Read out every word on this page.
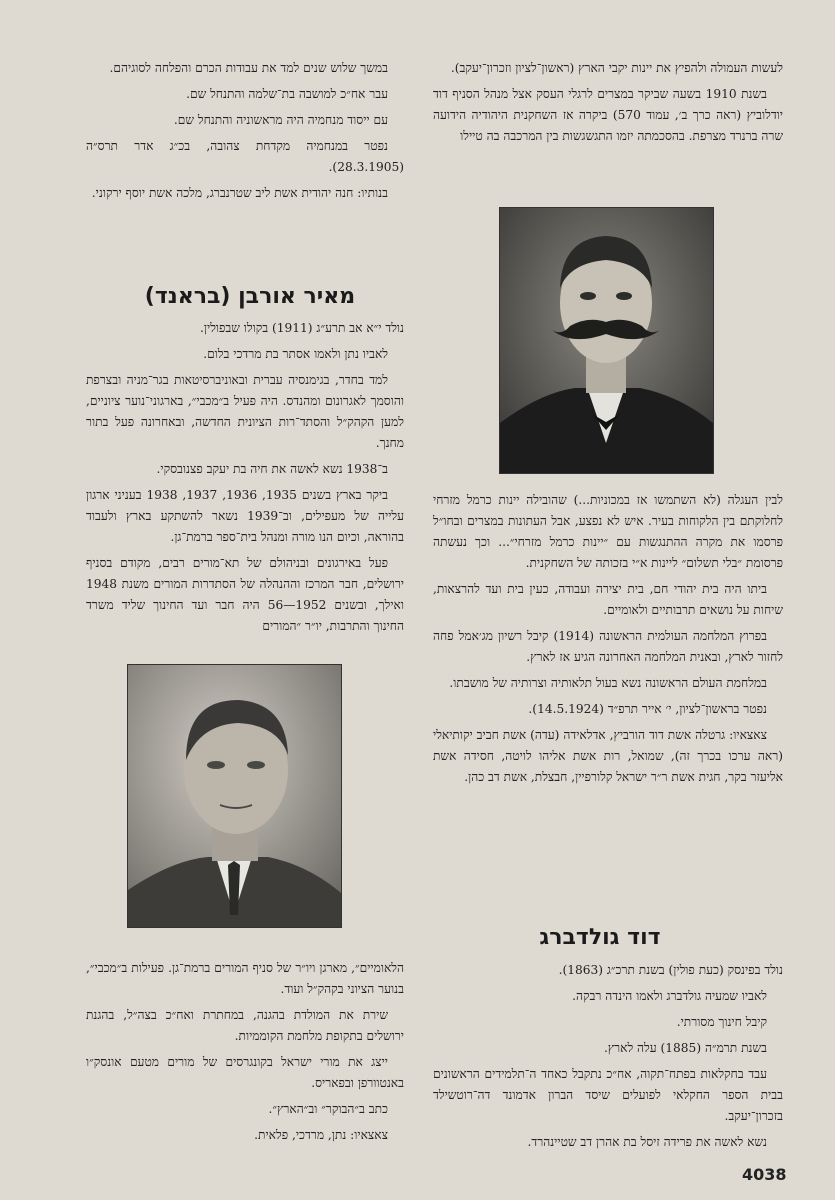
לעשות העמולה ולהפיץ את יינות יקבי הארץ (ראשון־לציון וזכרון־יעקב).

בשנת 1910 בשעה שביקר במצרים לרגלי העסק אצל מנהל הסניף דוד יודלוביץ (ראה כרך ב׳, עמוד 570) ביקרה אז השחקנית היהודיה הידועה שרה ברנרד מצרפת. בהסכמתה יזמו התגשגשות בין המרכבה בה טיילו

לבין העגלה (לא השתמשו אז במכוניות...) שהובילה יינות כרמל מזרחי לחלוקתם בין הלקוחות בעיר. איש לא נפצע, אבל העתונות במצרים ובחו״ל פרסמו את מקרה ההתנגשות עם ״יינות כרמל מזרחי״... וכך נעשתה פרסומת ״בלי תשלום״ ליינות א״י בזכותה של השחקנית.

ביתו היה בית יהודי חם, בית יצירה ועבודה, כעין בית ועד להרצאות, שיחות על נושאים תרבותיים ולאומיים.

בפרוץ המלחמה העולמית הראשונה (1914) קיבל רשיון מג׳אמל פחה לחזור לארץ, ובאנית המלחמה האחרונה הגיע אז לארץ.

במלחמת העולם הראשונה נשא בעול תלאותיה וצרותיה של מושבתו.

נפטר בראשון־לציון, י׳ אייר תרפ״ד (14.5.1924).

צאצאיו: גרטלה אשת דוד הורביץ, אדלאידה (עדה) אשת חביב יקותיאלי (ראה ערכו בכרך זה), שמואל, רות אשת אליהו לויטה, חסידה אשת אליעזר בקר, חגית אשת ר״ר ישראל קלורפיין, חבצלת, אשת דב כהן.

במשך שלוש שנים למד את עבודות הכרם והפלחה לסוגיהם.

עבר אח״כ למושבה בת־שלמה והתנחל שם.

עם ייסוד מנחמיה היה מראשוניה והתנחל שם.

נפטר במנחמיה מקדחת צהובה, בכ״ג אדר תרס״ה (28.3.1905).

בנותיו: חנה יהודית אשת ליב שטרנברג, מלכה אשת יוסף ירקוני.

מאיר אורבן (בראנד)

נולד י״א אב תרע״ג (1911) בקולו שבפולין.

לאביו נתן ולאמו אסתר בת מרדכי בלום.

למד בחדר, בגימנסיה עברית ובאוניברסיטאות בגר־מניה ובצרפת והוסמך לאגרונום ומהנדס. היה פעיל ב״מכבי״, בארגוני־נוער ציוניים, למען הקהק״ל והסתד־רות הציונית החדשה, ובאחרונה פעל בתור מחנך.

ב־1938 נשא לאשה את חיה בת יעקב פצנובסקי.

ביקר בארץ בשנים 1935, 1936, 1937, 1938 בעניני ארגון עלייה של מעפילים, וב־1939 נשאר להשתקע בארץ ולעבוד בהוראה, וכיום הנו מורה ומנהל בית־ספר ברמת־גן.

פעל באירגונים ובניהולם של תא־מורים רבים, מקודם בסניף ירושלים, חבר המרכז וההנהלה של הסתדרות המורים משנת 1948 ואילך, ובשנים 1952—56 היה חבר ועד החינוך שליד משרד החינוך והתרבות, יו״ר ״המורים

הלאומיים״, מארגן ויו״ר של סניף המורים ברמת־גן. פעילות ב״מכבי״, בנוער הציוני בקהק״ל ועוד.

שירת את המולדת בהגנה, במחתרת ואח״כ בצה״ל, בהגנת ירושלים בתקופת מלחמת הקוממיות.

ייצג את מורי ישראל בקונגרסים של מורים מטעם אונסק״ו באנטוורפן ובפאריס.

כתב ב״הבוקר״ וב״הארץ״.

צאצאיו: נתן, מרדכי, פלאית.

דוד גולדברג

נולד בפינסק (כעת פולין) בשנת תרכ״ג (1863).

לאביו שמעיה גולדברג ולאמו הינדה רבקה.

קיבל חינוך מסורתי.

בשנת תרמ״ה (1885) עלה לארץ.

עבד בחקלאות בפתח־תקוה, אח״כ נתקבל כאחד ה־תלמידים הראשונים בבית הספר החקלאי לפועלים שיסד הברון אדמונד דה־רוטשילד בזכרון־יעקב.

נשא לאשה את פרידה זיסל בת אהרן דב שטיינהרד.

4038
